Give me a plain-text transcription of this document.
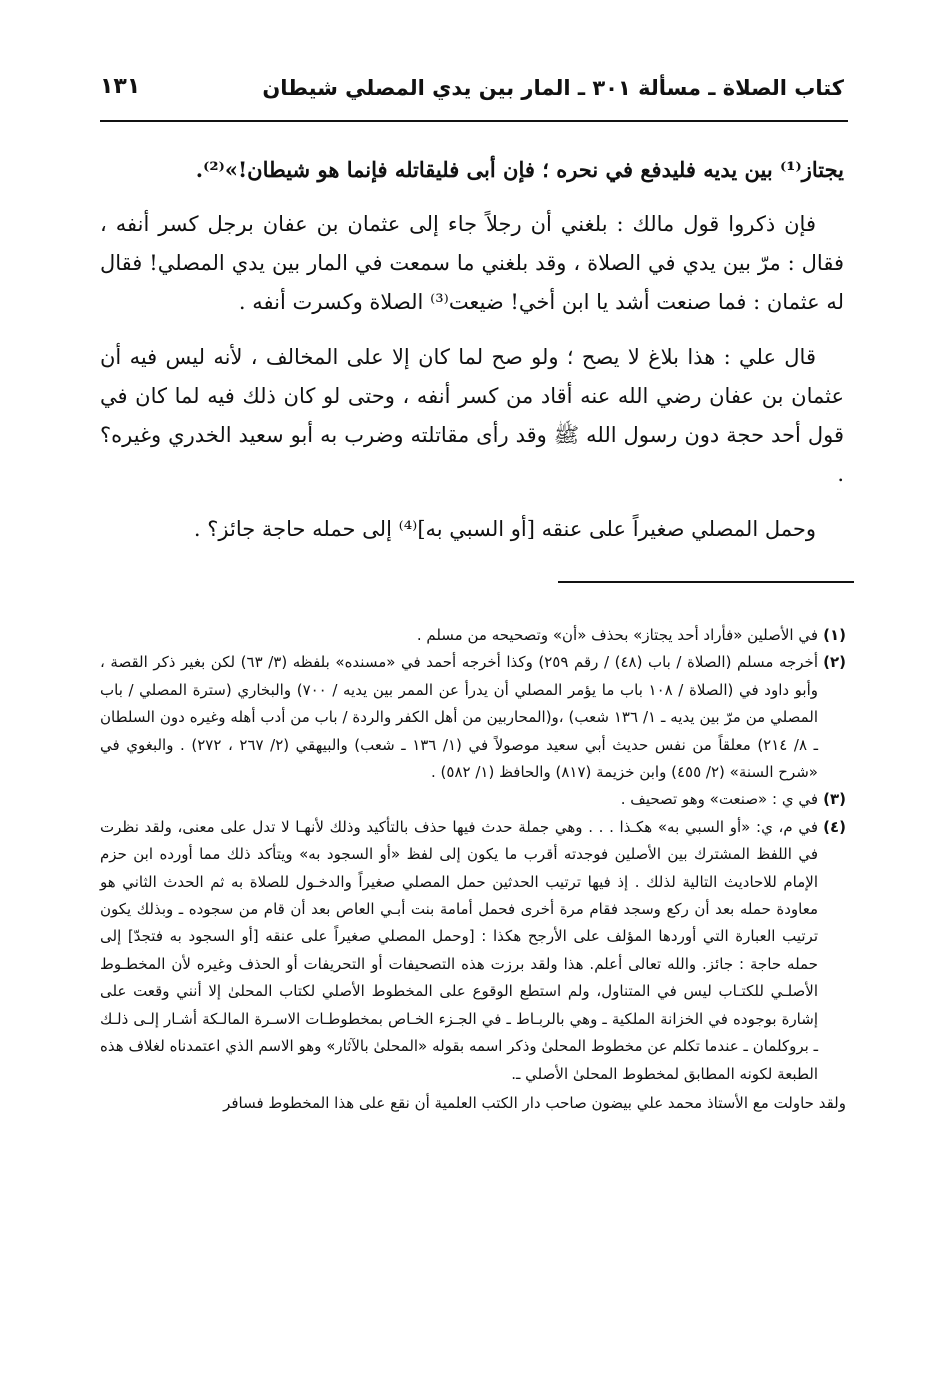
كتاب الصلاة ـ مسألة ٣٠١ ـ المار بين يدي المصلي شيطان
١٣١

يجتاز⁽¹⁾ بين يديه فليدفع في نحره ؛ فإن أبى فليقاتله فإنما هو شيطان!»⁽²⁾.

فإن ذكروا قول مالك : بلغني أن رجلاً جاء إلى عثمان بن عفان برجل كسر أنفه ، فقال : مرّ بين يدي في الصلاة ، وقد بلغني ما سمعت في المار بين يدي المصلي! فقال له عثمان : فما صنعت أشد يا ابن أخي! ضيعت⁽³⁾ الصلاة وكسرت أنفه .

قال علي : هذا بلاغ لا يصح ؛ ولو صح لما كان إلا على المخالف ، لأنه ليس فيه أن عثمان بن عفان رضي الله عنه أقاد من كسر أنفه ، وحتى لو كان ذلك فيه لما كان في قول أحد حجة دون رسول الله ﷺ وقد رأى مقاتلته وضرب به أبو سعيد الخدري وغيره؟ .

وحمل المصلي صغيراً على عنقه [أو السبي به]⁽⁴⁾ إلى حمله حاجة جائز؟ .

(١)
في الأصلين «فأراد أحد يجتاز» بحذف «أن» وتصحيحه من مسلم .
(٢)
أخرجه مسلم (الصلاة / باب (٤٨) / رقم ٢٥٩) وكذا أخرجه أحمد في «مسنده» بلفظه (٣/ ٦٣) لكن بغير ذكر القصة ، وأبو داود في (الصلاة / ١٠٨ باب ما يؤمر المصلي أن يدرأ عن الممر بين يديه / ٧٠٠) والبخاري (سترة المصلي / باب المصلي من مرّ بين يديه ـ ١/ ١٣٦ شعب) ،و(المحاربين من أهل الكفر والردة / باب من أدب أهله وغيره دون السلطان ـ ٨/ ٢١٤) معلقاً من نفس حديث أبي سعيد موصولاً في (١/ ١٣٦ ـ شعب) والبيهقي (٢/ ٢٦٧ ، ٢٧٢) . والبغوي في «شرح السنة» (٢/ ٤٥٥) وابن خزيمة (٨١٧) والحافظ (١/ ٥٨٢) .
(٣)
في ي : «صنعت» وهو تصحيف .
(٤)
في م، ي: «أو السبي به» هكـذا . . . وهي جملة حدث فيها حذف بالتأكيد وذلك لأنهـا لا تدل على معنى، ولقد نظرت في اللفظ المشترك بين الأصلين فوجدته أقرب ما يكون إلى لفظ «أو السجود به» ويتأكد ذلك مما أورده ابن حزم الإمام للاحاديث التالية لذلك . إذ فيها ترتيب الحدثين حمل المصلي صغيراً والدخـول للصلاة به ثم الحدث الثاني هو معاودة حمله بعد أن ركع وسجد فقام مرة أخرى فحمل أمامة بنت أبـي العاص بعد أن قام من سجوده ـ وبذلك يكون ترتيب العبارة التي أوردها المؤلف على الأرجح هكذا : [وحمل المصلي صغيراً على عنقه [أو السجود به فتجدّ] إلى حمله حاجة : جائز. والله تعالى أعلم. هذا ولقد برزت هذه التصحيفات أو التحريفات أو الحذف وغيره لأن المخطـوط الأصلـي للكتـاب ليس في المتناول، ولم استطع الوقوع على المخطوط الأصلي لكتاب المحلىٰ إلا أنني وقعت على إشارة بوجوده في الخزانة الملكية ـ وهي بالربـاط ـ في الجـزء الخـاص بمخطوطـات الاسـرة المالـكة أشـار إلـى ذلـك ـ بروكلمان ـ عندما تكلم عن مخطوط المحلىٰ وذكر اسمه بقوله «المحلىٰ بالآثار» وهو الاسم الذي اعتمدناه لغلاف هذه الطبعة لكونه المطابق لمخطوط المحلىٰ الأصلي ـ.
ولقد حاولت مع الأستاذ محمد علي بيضون صاحب دار الكتب العلمية أن نقع على هذا المخطوط فسافر
